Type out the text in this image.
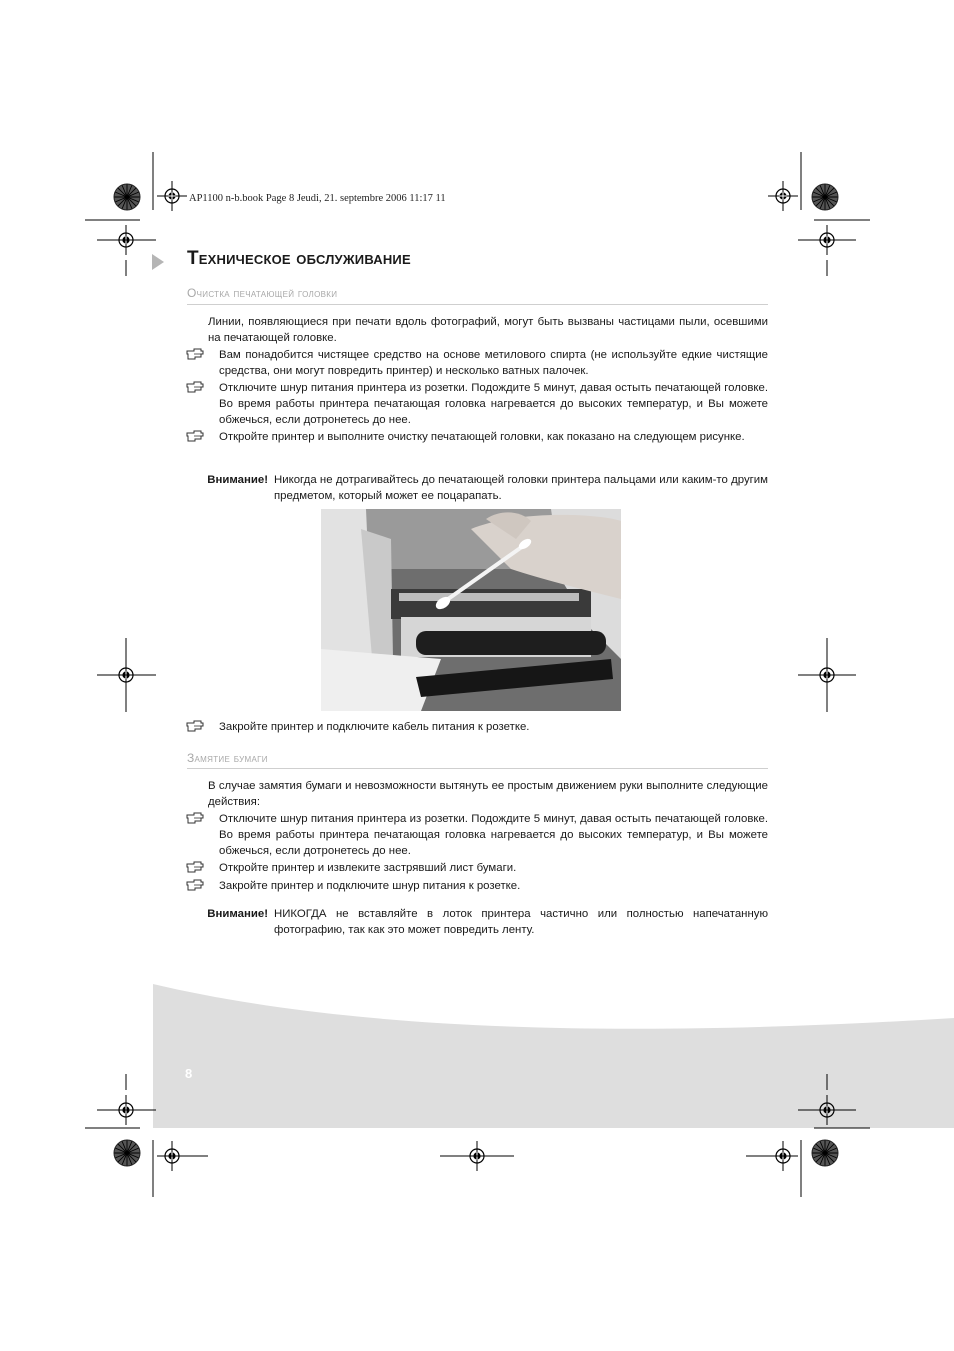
AP1100 n-b.book Page 8 Jeudi, 21. septembre 2006 11:17 11
Техническое обслуживание
Очистка печатающей головки
Линии, появляющиеся при печати вдоль фотографий, могут быть вызваны частицами пыли, осевшими на печатающей головке.
Вам понадобится чистящее средство на основе метилового спирта (не используйте едкие чистящие средства, они могут повредить принтер) и несколько ватных палочек.
Отключите шнур питания принтера из розетки. Подождите 5 минут, давая остыть печатающей головке. Во время работы принтера печатающая головка нагревается до высоких температур, и Вы можете обжечься, если дотронетесь до нее.
Откройте принтер и выполните очистку печатающей головки, как показано на следующем рисунке.
Внимание! Никогда не дотрагивайтесь до печатающей головки принтера пальцами или каким-то другим предметом, который может ее поцарапать.
Закройте принтер и подключите кабель питания к розетке.
Замятие бумаги
В случае замятия бумаги и невозможности вытянуть ее простым движением руки выполните следующие действия:
Отключите шнур питания принтера из розетки. Подождите 5 минут, давая остыть печатающей головке. Во время работы принтера печатающая головка нагревается до высоких температур, и Вы можете обжечься, если дотронетесь до нее.
Откройте принтер и извлеките застрявший лист бумаги.
Закройте принтер и подключите шнур питания к розетке.
Внимание! НИКОГДА не вставляйте в лоток принтера частично или полностью напечатанную фотографию, так как это может повредить ленту.
8
